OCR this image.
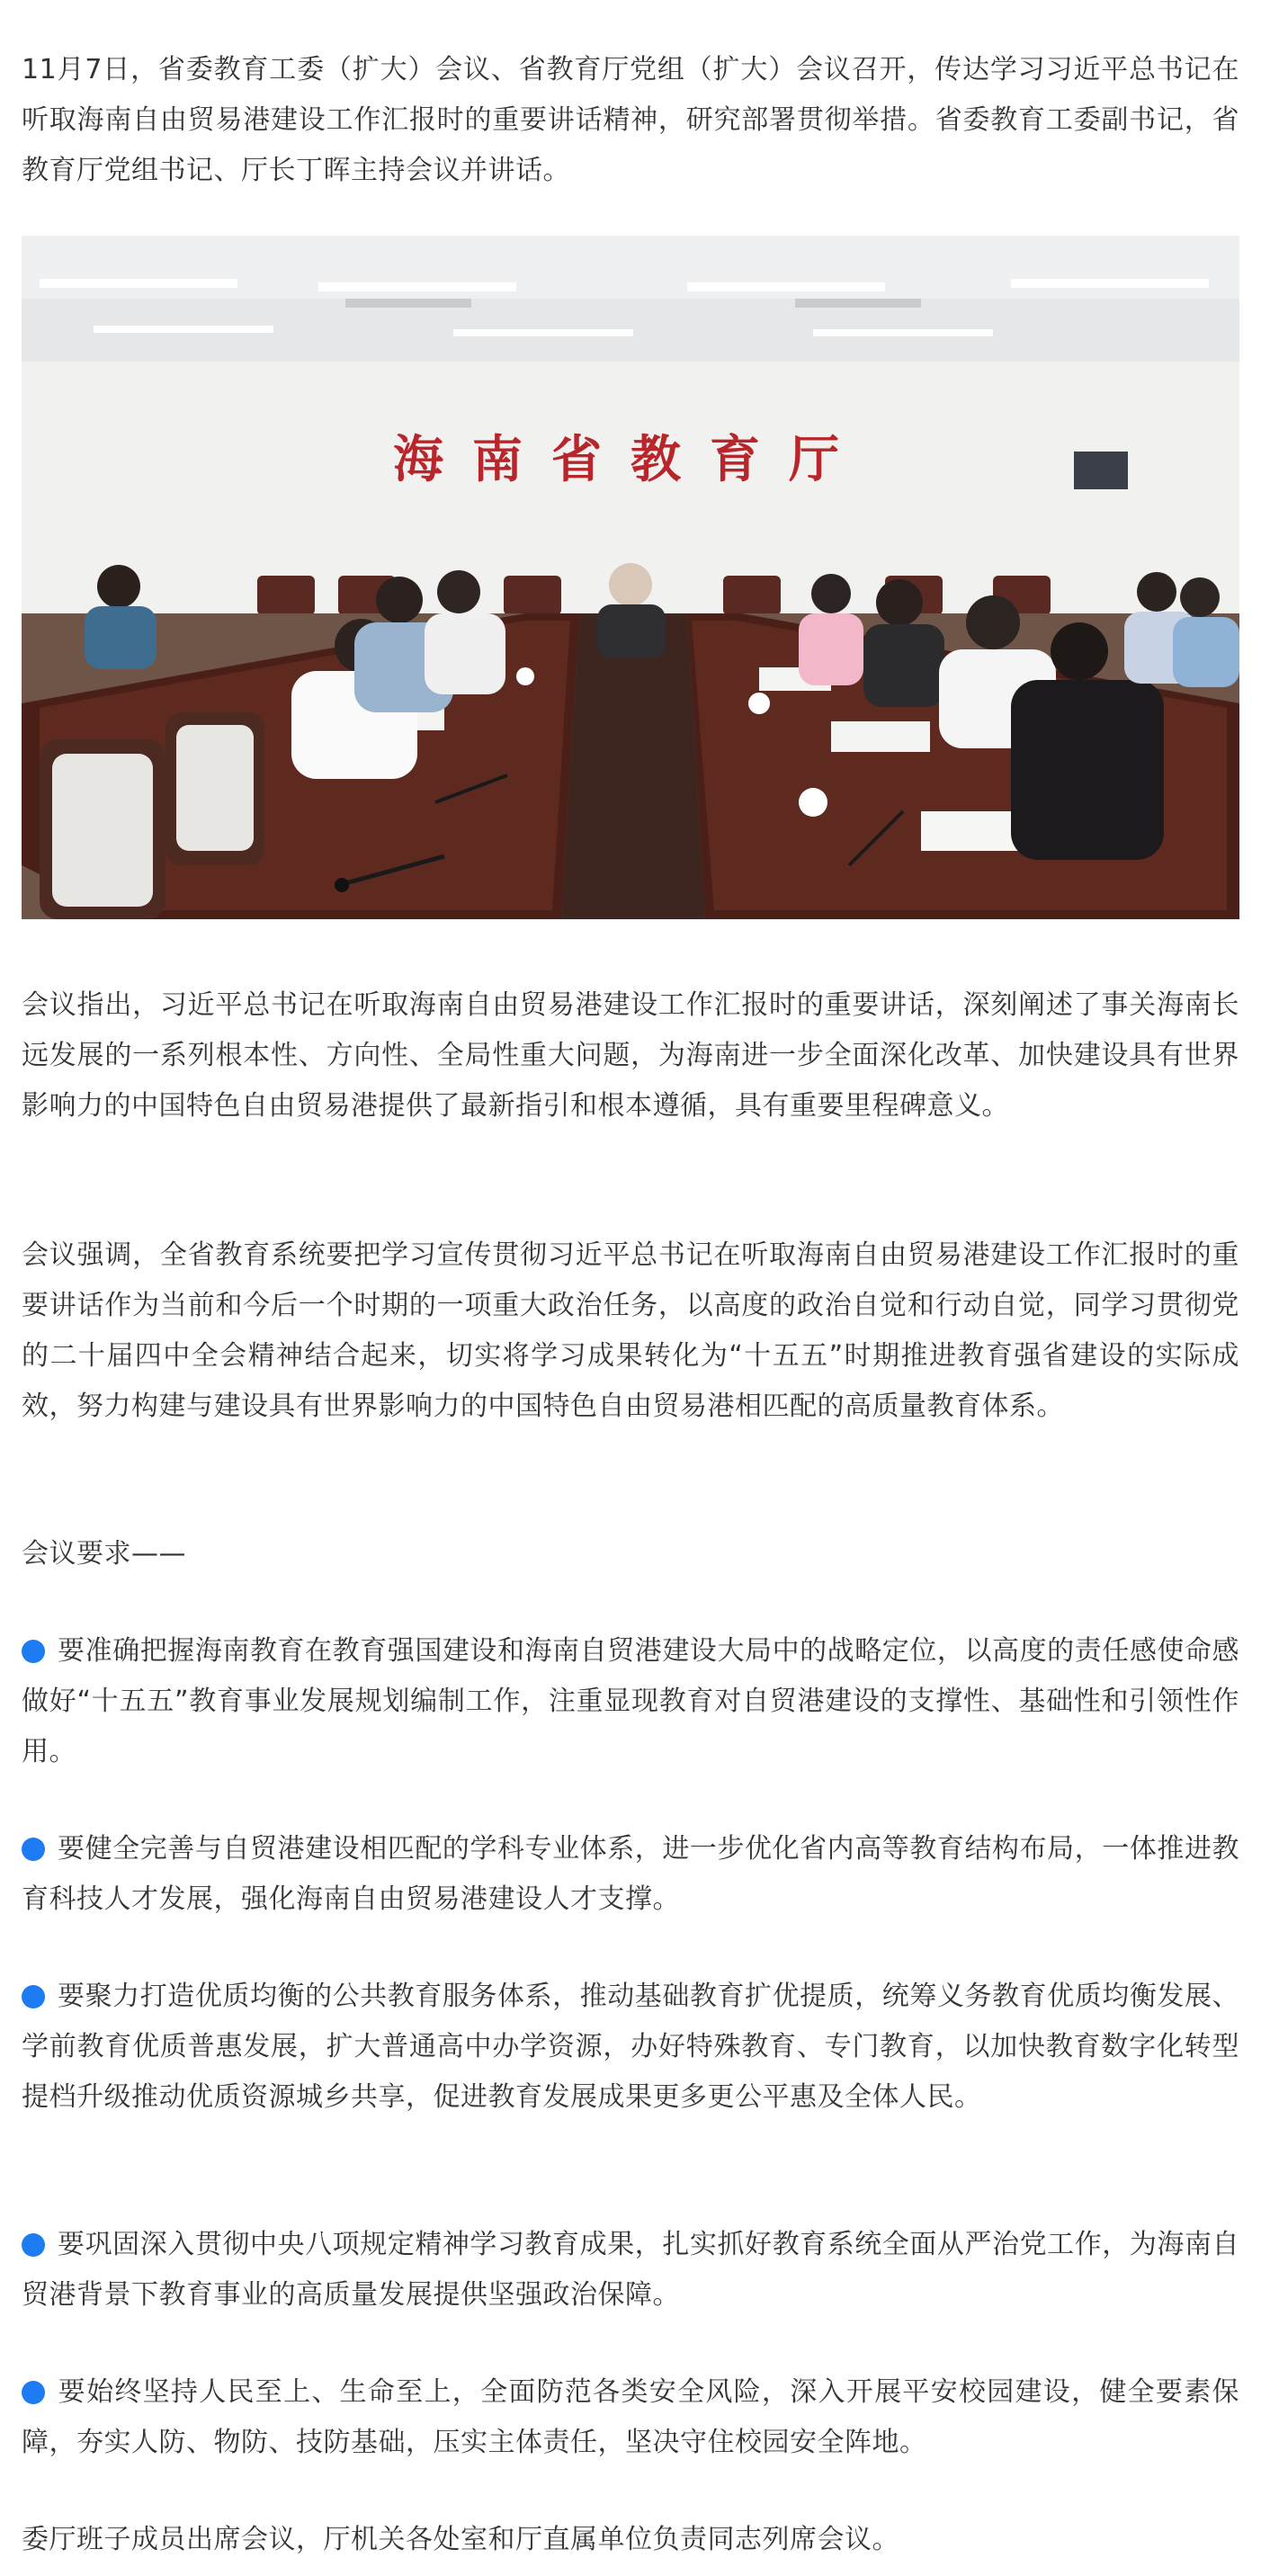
11月7日，省委教育工委（扩大）会议、省教育厅党组（扩大）会议召开，传达学习习近平总书记在听取海南自由贸易港建设工作汇报时的重要讲话精神，研究部署贯彻举措。省委教育工委副书记，省教育厅党组书记、厅长丁晖主持会议并讲话。

海南省教育厅

会议指出，习近平总书记在听取海南自由贸易港建设工作汇报时的重要讲话，深刻阐述了事关海南长远发展的一系列根本性、方向性、全局性重大问题，为海南进一步全面深化改革、加快建设具有世界影响力的中国特色自由贸易港提供了最新指引和根本遵循，具有重要里程碑意义。

会议强调，全省教育系统要把学习宣传贯彻习近平总书记在听取海南自由贸易港建设工作汇报时的重要讲话作为当前和今后一个时期的一项重大政治任务，以高度的政治自觉和行动自觉，同学习贯彻党的二十届四中全会精神结合起来，切实将学习成果转化为“十五五”时期推进教育强省建设的实际成效，努力构建与建设具有世界影响力的中国特色自由贸易港相匹配的高质量教育体系。

会议要求——

要准确把握海南教育在教育强国建设和海南自贸港建设大局中的战略定位，以高度的责任感使命感做好“十五五”教育事业发展规划编制工作，注重显现教育对自贸港建设的支撑性、基础性和引领性作用。

要健全完善与自贸港建设相匹配的学科专业体系，进一步优化省内高等教育结构布局，一体推进教育科技人才发展，强化海南自由贸易港建设人才支撑。

要聚力打造优质均衡的公共教育服务体系，推动基础教育扩优提质，统筹义务教育优质均衡发展、学前教育优质普惠发展，扩大普通高中办学资源，办好特殊教育、专门教育，以加快教育数字化转型提档升级推动优质资源城乡共享，促进教育发展成果更多更公平惠及全体人民。

要巩固深入贯彻中央八项规定精神学习教育成果，扎实抓好教育系统全面从严治党工作，为海南自贸港背景下教育事业的高质量发展提供坚强政治保障。

要始终坚持人民至上、生命至上，全面防范各类安全风险，深入开展平安校园建设，健全要素保障，夯实人防、物防、技防基础，压实主体责任，坚决守住校园安全阵地。

委厅班子成员出席会议，厅机关各处室和厅直属单位负责同志列席会议。
